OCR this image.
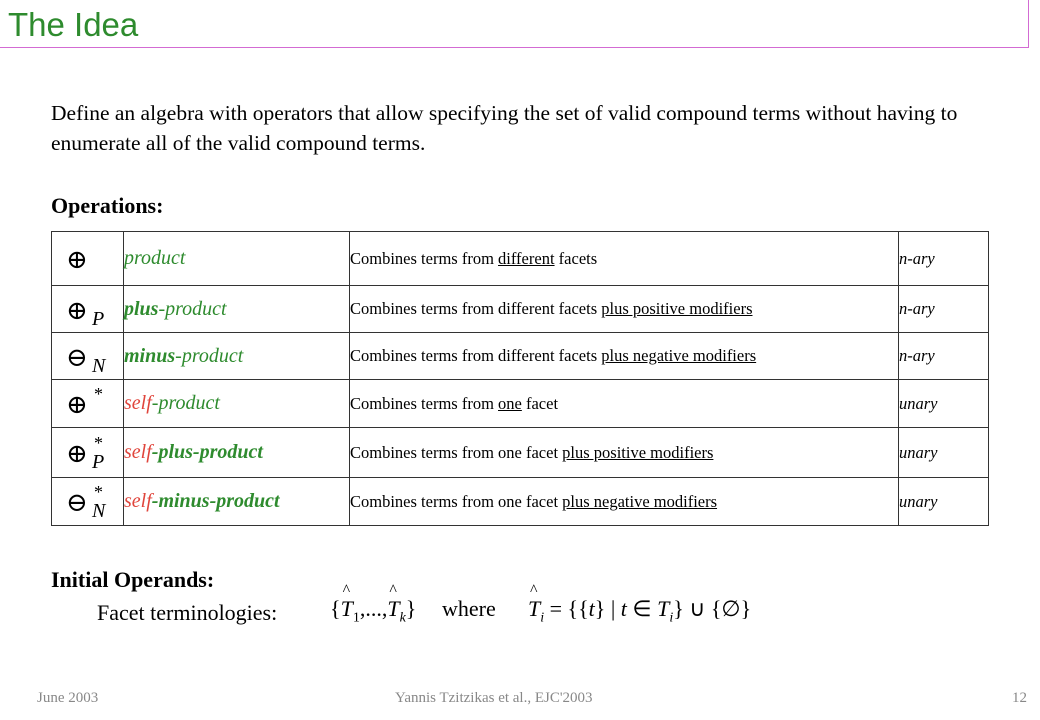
The Idea
Define an algebra with operators that allow specifying the set of valid compound terms without having to enumerate all of the valid compound terms.
Operations:
⊕	product	Combines terms from different facets	n-ary

⊕ P	plus-product	Combines terms from different facets plus positive modifiers	n-ary

⊖ N	minus-product	Combines terms from different facets plus negative modifiers	n-ary

⊕ *	self-product	Combines terms from one facet	unary

⊕ *
P	self-plus-product	Combines terms from one facet plus positive modifiers	unary

⊖ *
N	self-minus-product	Combines terms from one facet plus negative modifiers	unary
Initial Operands:
Facet terminologies: {^ $T_1,...,\^{}$ $T_k$} where ^ $T_i = \{\{t\}$ | t ∈ $T_i$} ∪ {∅}
June 2003	Yannis Tzitzikas et al., EJC'2003	12
